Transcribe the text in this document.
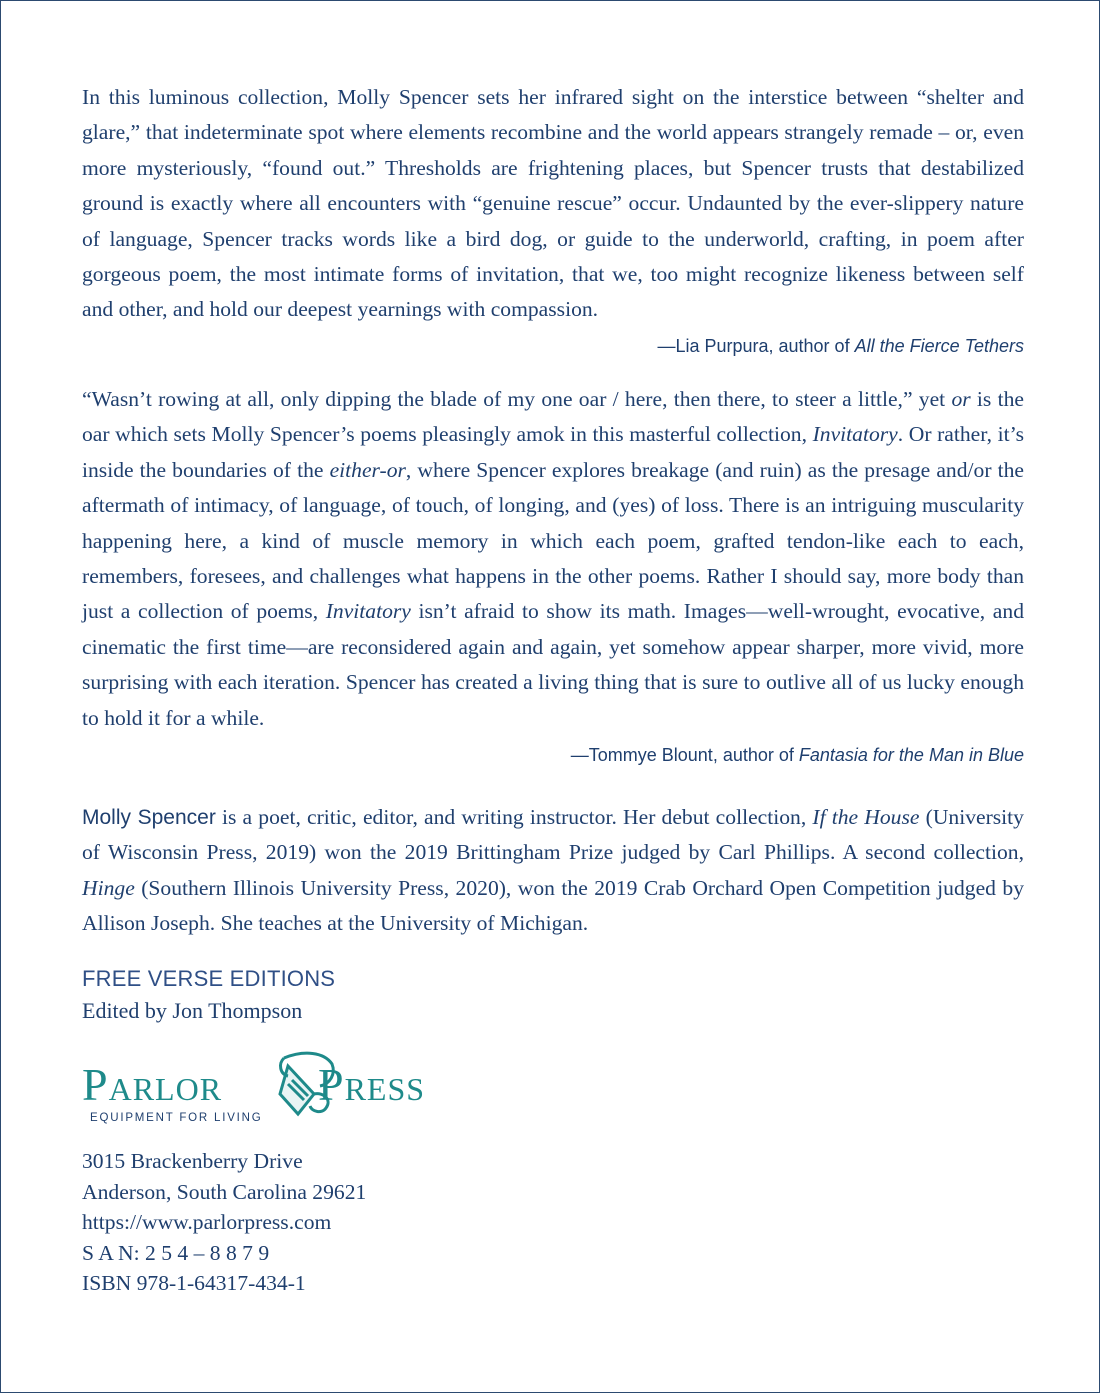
In this luminous collection, Molly Spencer sets her infrared sight on the interstice between “shelter and glare,” that indeterminate spot where elements recombine and the world appears strangely remade – or, even more mysteriously, “found out.” Thresholds are frightening places, but Spencer trusts that destabilized ground is exactly where all encounters with “genuine rescue” occur. Undaunted by the ever-slippery nature of language, Spencer tracks words like a bird dog, or guide to the underworld, crafting, in poem after gorgeous poem, the most intimate forms of invitation, that we, too might recognize likeness between self and other, and hold our deepest yearnings with compassion.

—Lia Purpura, author of All the Fierce Tethers

“Wasn’t rowing at all, only dipping the blade of my one oar / here, then there, to steer a little,” yet or is the oar which sets Molly Spencer’s poems pleasingly amok in this masterful collection, Invitatory. Or rather, it’s inside the boundaries of the either-or, where Spencer explores breakage (and ruin) as the presage and/or the aftermath of intimacy, of language, of touch, of longing, and (yes) of loss. There is an intriguing muscularity happening here, a kind of muscle memory in which each poem, grafted tendon-like each to each, remembers, foresees, and challenges what happens in the other poems. Rather I should say, more body than just a collection of poems, Invitatory isn’t afraid to show its math. Images—well-wrought, evocative, and cinematic the first time—are reconsidered again and again, yet somehow appear sharper, more vivid, more surprising with each iteration. Spencer has created a living thing that is sure to outlive all of us lucky enough to hold it for a while.

—Tommye Blount, author of Fantasia for the Man in Blue

Molly Spencer is a poet, critic, editor, and writing instructor. Her debut collection, If the House (University of Wisconsin Press, 2019) won the 2019 Brittingham Prize judged by Carl Phillips. A second collection, Hinge (Southern Illinois University Press, 2020), won the 2019 Crab Orchard Open Competition judged by Allison Joseph. She teaches at the University of Michigan.

FREE VERSE EDITIONS

Edited by Jon Thompson

Parlor Press
EQUIPMENT FOR LIVING
3015 Brackenberry Drive
Anderson, South Carolina 29621
https://www.parlorpress.com
S A N: 2 5 4 – 8 8 7 9
ISBN 978-1-64317-434-1
